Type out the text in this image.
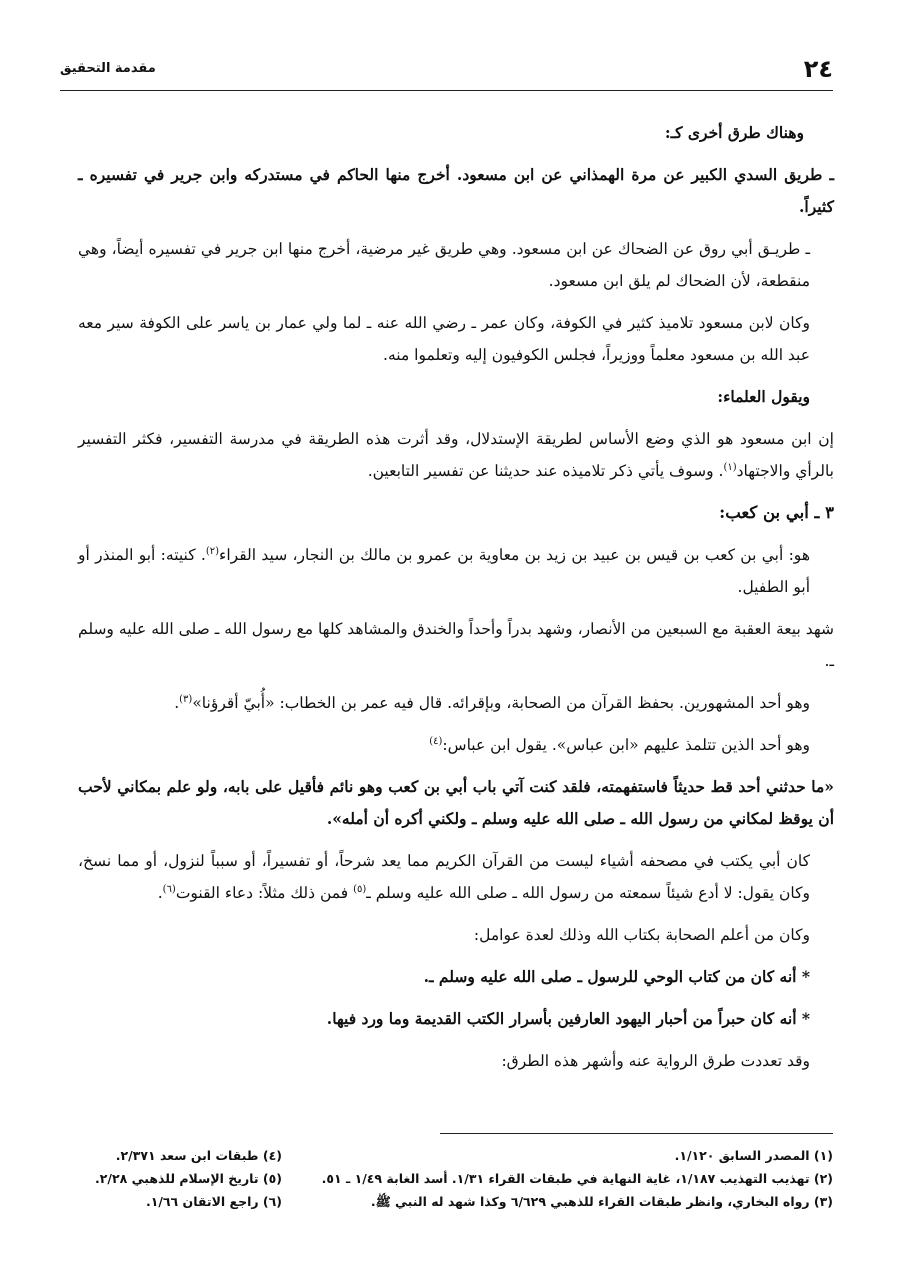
٢٤
مقدمة التحقيق

وهناك طرق أخرى كـ:

ـ طريق السدي الكبير عن مرة الهمذاني عن ابن مسعود. أخرج منها الحاكم في مستدركه وابن جرير في تفسيره ـ كثيراً.

ـ طريـق أبي روق عن الضحاك عن ابن مسعود. وهي طريق غير مرضية، أخرج منها ابن جرير في تفسيره أيضاً، وهي منقطعة، لأن الضحاك لم يلق ابن مسعود.

وكان لابن مسعود تلاميذ كثير في الكوفة، وكان عمر ـ رضي الله عنه ـ لما ولي عمار بن ياسر على الكوفة سير معه عبد الله بن مسعود معلماً ووزيراً، فجلس الكوفيون إليه وتعلموا منه.

ويقول العلماء:

إن ابن مسعود هو الذي وضع الأساس لطريقة الإستدلال، وقد أثرت هذه الطريقة في مدرسة التفسير، فكثر التفسير بالرأي والاجتهاد$^{(١)}$. وسوف يأتي ذكر تلاميذه عند حديثنا عن تفسير التابعين.

٣ ـ أبي بن كعب:

هو: أبي بن كعب بن قيس بن عبيد بن زيد بن معاوية بن عمرو بن مالك بن النجار، سيد القراء$^{(٢)}$. كنيته: أبو المنذر أو أبو الطفيل.

شهد بيعة العقبة مع السبعين من الأنصار، وشهد بدراً وأحداً والخندق والمشاهد كلها مع رسول الله ـ صلى الله عليه وسلم ـ.

وهو أحد المشهورين. بحفظ القرآن من الصحابة، وبإقرائه. قال فيه عمر بن الخطاب: «أُبيّ أقرؤنا»$^{(٣)}$.

وهو أحد الذين تتلمذ عليهم «ابن عباس». يقول ابن عباس:$^{(٤)}$

«ما حدثني أحد قط حديثاً فاستفهمته، فلقد كنت آتي باب أبي بن كعب وهو نائم فأقيل على بابه، ولو علم بمكاني لأحب أن يوقظ لمكاني من رسول الله ـ صلى الله عليه وسلم ـ ولكني أكره أن أمله».

كان أبي يكتب في مصحفه أشياء ليست من القرآن الكريم مما يعد شرحاً، أو تفسيراً، أو سبباً لنزول، أو مما نسخ، وكان يقول: لا أدع شيئاً سمعته من رسول الله ـ صلى الله عليه وسلم ـ$^{(٥)}$ فمن ذلك مثلاً: دعاء القنوت$^{(٦)}$.

وكان من أعلم الصحابة بكتاب الله وذلك لعدة عوامل:

* أنه كان من كتاب الوحي للرسول ـ صلى الله عليه وسلم ـ.

* أنه كان حبراً من أحبار اليهود العارفين بأسرار الكتب القديمة وما ورد فيها.

وقد تعددت طرق الرواية عنه وأشهر هذه الطرق:

(١) المصدر السابق ١/١٢٠.
(٢) تهذيب التهذيب ١/١٨٧، غاية النهاية في طبقات القراء ١/٣١. أسد الغابة ١/٤٩ ـ ٥١.
(٣) رواه البخاري، وانظر طبقات القراء للذهبي ٦/٦٢٩ وكذا شهد له النبي ﷺ.
(٤) طبقات ابن سعد ٢/٣٧١.
(٥) تاريخ الإسلام للذهبي ٢/٢٨.
(٦) راجع الاتقان ١/٦٦.
